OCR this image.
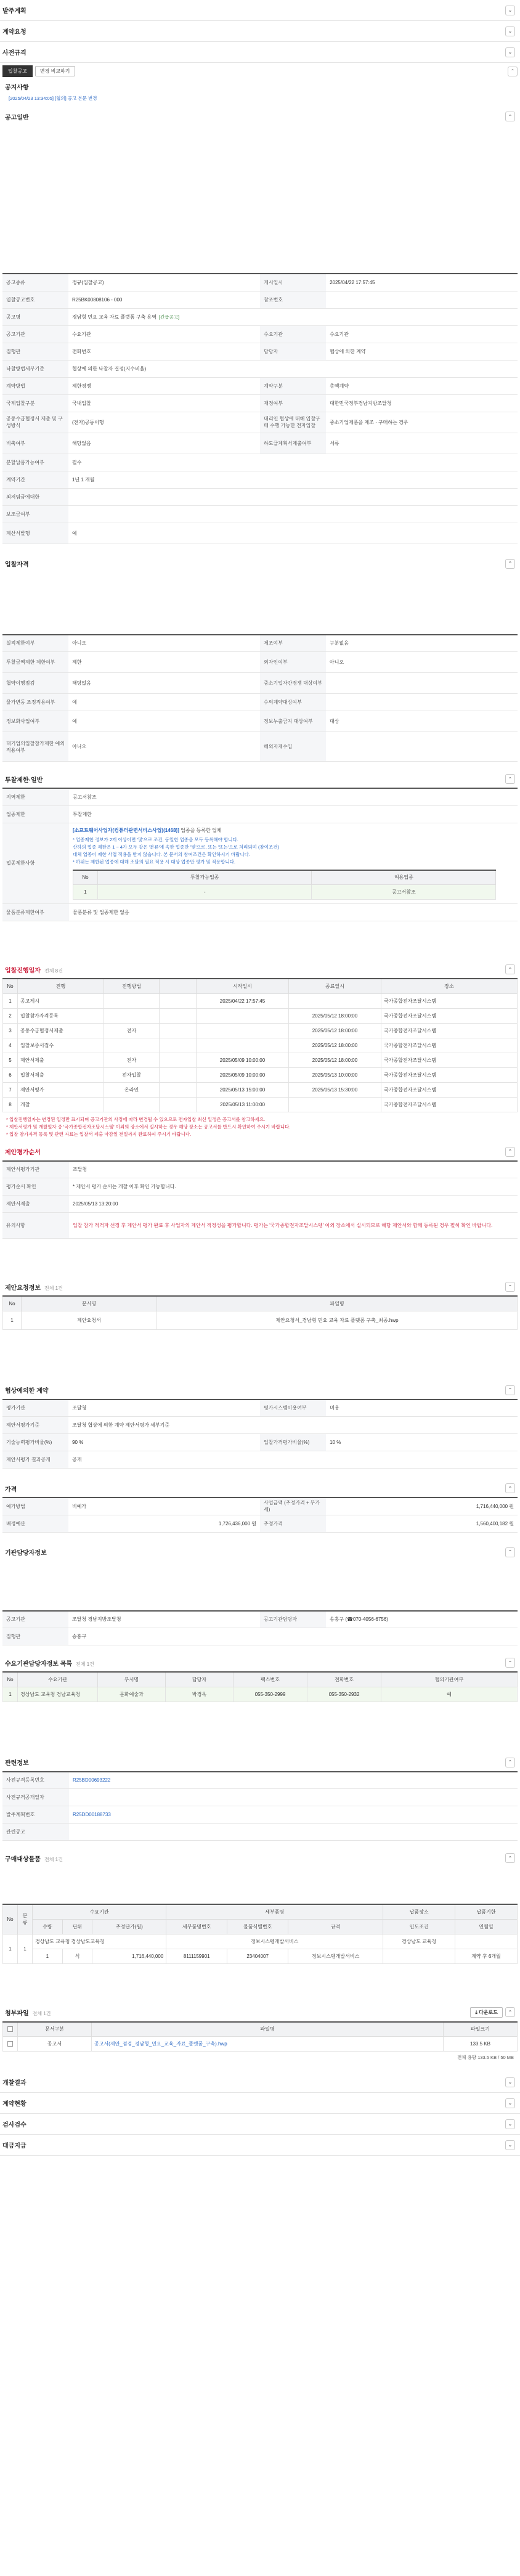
발주계획	⌄
계약요청	⌄
사전규격	⌄
입찰공고	변경 비교하기	⌃
공지사항
[2025/04/23 13:34:05] [협의] 공고 본문 변경
공고일반	⌃
공고종류	정규(입찰공고)	게시일시	2025/04/22 17:57:45
입찰공고번호	R25BK00808106 - 000	참조번호	
공고명	경남형 민요 교육 자료 플랫폼 구축 용역 [긴급공고]		
공고기관	수요기관	수요기관	수요기관
집행관	전화번호	담당자	협상에 의한 계약
낙찰방법세부기준	협상에 의한 낙찰자 결정(지수비율)		
계약방법	제한경쟁	계약구분	총액계약
국제입찰구분	국내입찰	재정여부	대한민국정부경남지방조달청
공동수급협정서 제출 및 구성방식	(전자)공동이행	대리인 협상에 대해 입찰구매 수행 가능한 전자입찰	중소기업제품을 제조 · 구매하는 경우
비축여부	해당없음	하도급계획서제출여부	서류
분할납품가능여부	필수		
계약기간	1년 1 개월		
최저임금에대한			
보조금여부			
계산서발행	예		
입찰자격	⌃
실적제한여부	아니오	제조여부	구분없음
투찰금액제한 제한여부	제한	외자인여부	아니오
협약이행점검	해당없음	중소기업자간경쟁 대상여부	
물가변동 조정적용여부	예	수의계약대상여부	
정보화사업여부	예	정보누출금지 대상여부	대상
대기업의입찰참가제한 예외적용여부	아니오	해외자재수입	
투찰제한·일반	⌃
지역제한	공고서참조
업종제한	투찰제한
업종제한사항	
[소프트웨어사업자(컴퓨터관련서비스사업)(1468)] 업종을 등록한 업체
* 업종제한 정보가 2개 이상이면 '및'으로 조건, 동일한 업종을 모두 등록해야 합니다.
산하의 업종 제한은 1 ~ 4가 모두 같은 '분류'에 속한 업종만 '및'으로, 또는 '또는'으로 처리되며 (참여조건)
대체 업종이 제한 사업 적용을 받지 않습니다. 본 문서의 참여조건은 확인하시기 바랍니다.
* 하위는 제한된 업종에 대해 조달의 필요 적용 시 대상 업종만 평가 및 적용합니다.
No	투찰가능업종	허용업종
1	-	공고서참조

물품분류제한여부	물품분류 및 업종제한 없음
입찰진행일자 전체 8건	⌃
No	진행	진행방법		시작일시	종료일시	장소
1	공고게시			2025/04/22 17:57:45		국가종합전자조달시스템
2	입찰참가자격등록				2025/05/12 18:00:00	국가종합전자조달시스템
3	공동수급협정서제출	전자			2025/05/12 18:00:00	국가종합전자조달시스템
4	입찰보증서접수				2025/05/12 18:00:00	국가종합전자조달시스템
5	제안서제출	전자		2025/05/09 10:00:00	2025/05/12 18:00:00	국가종합전자조달시스템
6	입찰서제출	전자입찰		2025/05/09 10:00:00	2025/05/13 10:00:00	국가종합전자조달시스템
7	제안서평가	온라인		2025/05/13 15:00:00	2025/05/13 15:30:00	국가종합전자조달시스템
8	개찰			2025/05/13 11:00:00		국가종합전자조달시스템
* 입찰진행일자는 변경된 일정만 표시되며 공고기관의 사정에 따라 변경될 수 있으므로 전자입찰 최신 일정은 공고서를 참고하세요.
* 제안서평가 및 개찰일자 중 '국가종합전자조달시스템' 이외의 장소에서 실시하는 경우 해당 장소는 공고서를 반드시 확인하여 주시기 바랍니다.
* 입찰 참가자격 등록 및 관련 자료는 입찰서 제출 마감일 전일까지 완료하여 주시기 바랍니다.
제안평가순서	⌃
제안서평가기관	조달청
평가순서 확인	* 제안서 평가 순서는 개찰 이후 확인 가능합니다.
제안서제출	2025/05/13 13:20:00
유의사항	입찰 참가 적격자 선정 후 제안서 평가 완료 후 사업자의 제안서 적정성을 평가합니다. 평가는 '국가종합전자조달시스템' 이외 장소에서 실시되므로 해당 제안서와 함께 등록된 경우 필히 확인 바랍니다.
제안요청정보 전체 1건	⌃
No	문서명	파일명
1	제안요청서	제안요청서_경남형 민요 교육 자료 플랫폼 구축_최종.hwp
협상에의한 계약	⌃
평가기관	조달청	평가시스템이용여부	미용
제안서평가기준	조달청 협상에 의한 계약 제안서평가 세부기준		
기술능력평가비율(%)	90 %	입찰가격평가비율(%)	10 %
제안서평가 결과공개	공개		
가격	⌃
예가방법	비예가	사업금액 (추정가격 + 부가세)	1,716,440,000 원
배정예산	1,726,436,000 원	추정가격	1,560,400,182 원
기관담당자정보	⌃
공고기관	조달청 경남지방조달청	공고기관담당자	송홍구 (☎070-4056-6756)
집행관	송홍구		
수요기관담당자정보 목록 전체 1건	⌃
No	수요기관	부서명	담당자	팩스번호	전화번호	협의기관여부
1	경상남도 교육청 경남교육청	문화예술과	박경옥	055-350-2999	055-350-2932	예
관련정보	⌃
사전규격등록번호	R25BD00693222
사전규격공개일자	
발주계획번호	R25DD00188733
관련공고	
구매대상물품 전체 1건	⌃
No	분류	수요기관			세부품명			납품장소	납품기한
		수량	단위	추정단가(원)	세부품명번호	물품식별번호	규격	인도조건	연월일
1	1	경상남도 교육청 경상남도교육청			정보시스템개발서비스			경상남도 교육청	
		1	식	1,716,440,000	8111159901	23404007	정보시스템개발서비스		계약 후 6개월
첨부파일 전체 1건	⤓ 다운로드	⌃
	문서구분	파일명	파일크기
	공고서	공고서(제안_점검_경남형_민요_교육_자료_플랫폼_구축).hwp	133.5 KB
전체 용량 133.5 KB / 50 MB
개찰결과	⌄
계약현황	⌄
검사검수	⌄
대금지급	⌄
